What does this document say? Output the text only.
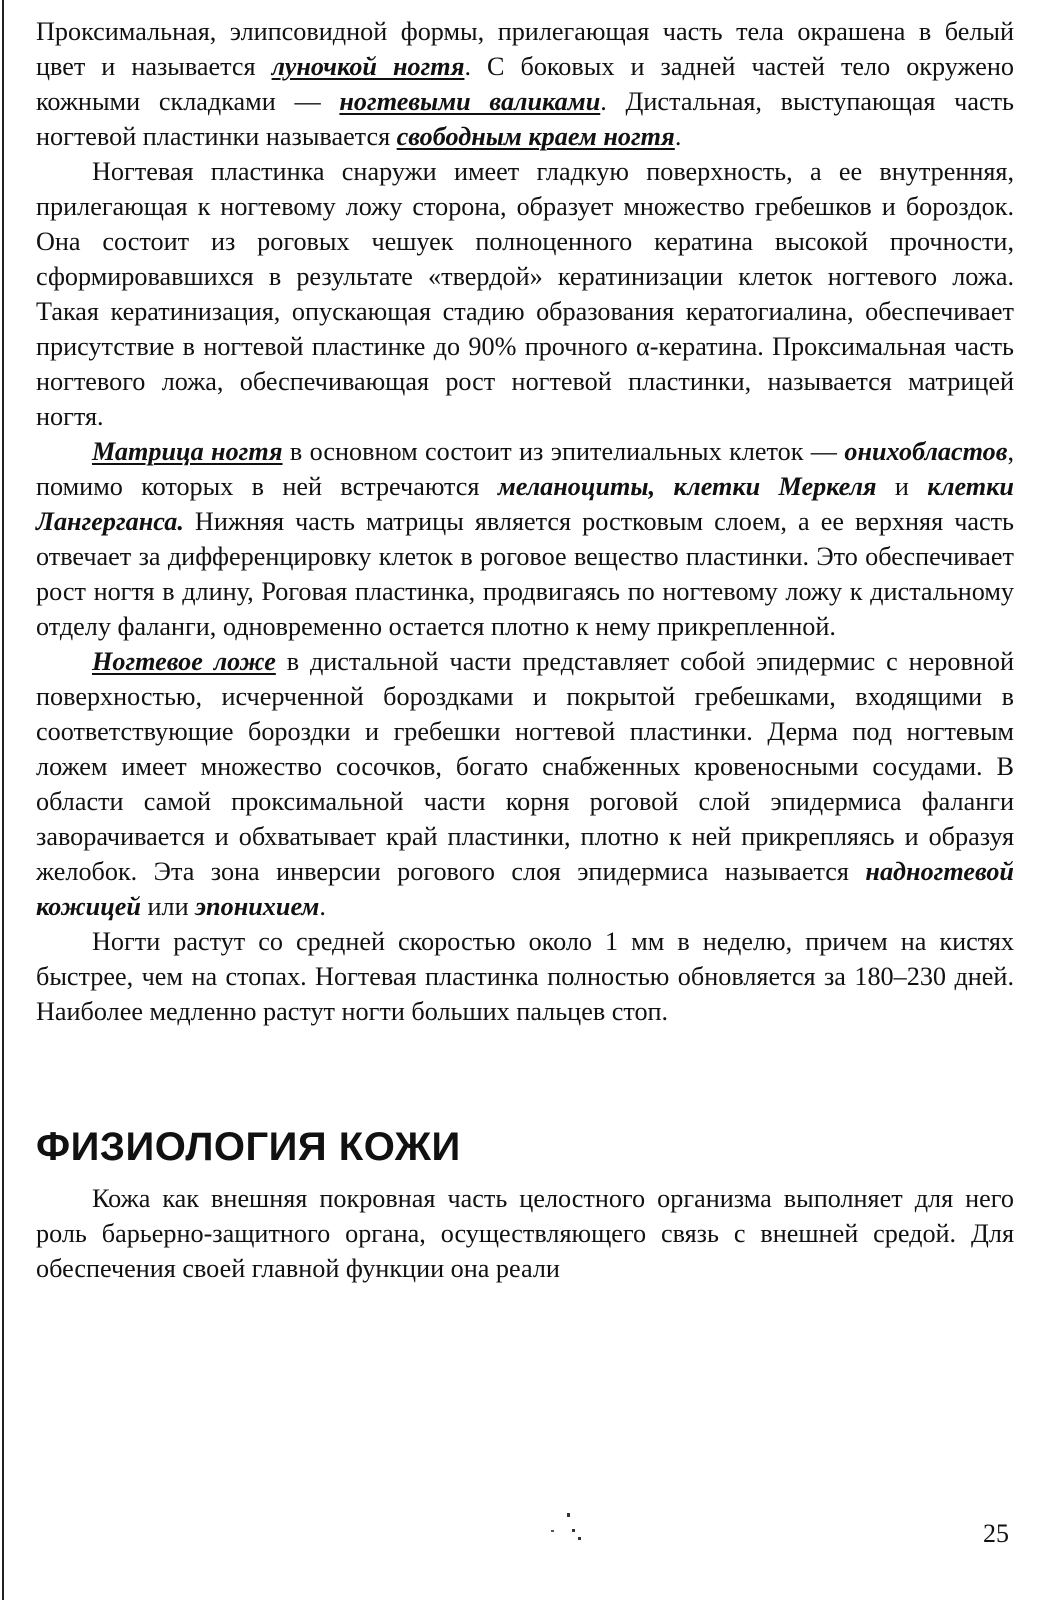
Проксимальная, элипсовидной формы, прилегающая часть тела окрашена в белый цвет и называется луночкой ногтя. С боковых и задней частей тело окружено кожными складками — ногтевыми валиками. Дистальная, выступающая часть ногтевой пластинки называется свободным краем ногтя.

Ногтевая пластинка снаружи имеет гладкую поверхность, а ее внутренняя, прилегающая к ногтевому ложу сторона, образует множество гребешков и бороздок. Она состоит из роговых чешуек полноценного кератина высокой прочности, сформировавшихся в результате «твердой» кератинизации клеток ногтевого ложа. Такая кератинизация, опускающая стадию образования кератогиалина, обеспечивает присутствие в ногтевой пластинке до 90% прочного α-кератина. Проксимальная часть ногтевого ложа, обеспечивающая рост ногтевой пластинки, называется матрицей ногтя.

Матрица ногтя в основном состоит из эпителиальных клеток — онихобластов, помимо которых в ней встречаются меланоциты, клетки Меркеля и клетки Лангерганса. Нижняя часть матрицы является ростковым слоем, а ее верхняя часть отвечает за дифференцировку клеток в роговое вещество пластинки. Это обеспечивает рост ногтя в длину, Роговая пластинка, продвигаясь по ногтевому ложу к дистальному отделу фаланги, одновременно остается плотно к нему прикрепленной.

Ногтевое ложе в дистальной части представляет собой эпидермис с неровной поверхностью, исчерченной бороздками и покрытой гребешками, входящими в соответствующие бороздки и гребешки ногтевой пластинки. Дерма под ногтевым ложем имеет множество сосочков, богато снабженных кровеносными сосудами. В области самой проксимальной части корня роговой слой эпидермиса фаланги заворачивается и обхватывает край пластинки, плотно к ней прикрепляясь и образуя желобок. Эта зона инверсии рогового слоя эпидермиса называется надногтевой кожицей или эпонихием.

Ногти растут со средней скоростью около 1 мм в неделю, причем на кистях быстрее, чем на стопах. Ногтевая пластинка полностью обновляется за 180–230 дней. Наиболее медленно растут ногти больших пальцев стоп.

ФИЗИОЛОГИЯ КОЖИ

Кожа как внешняя покровная часть целостного организма выполняет для него роль барьерно-защитного органа, осуществляющего связь с внешней средой. Для обеспечения своей главной функции она реали

25
